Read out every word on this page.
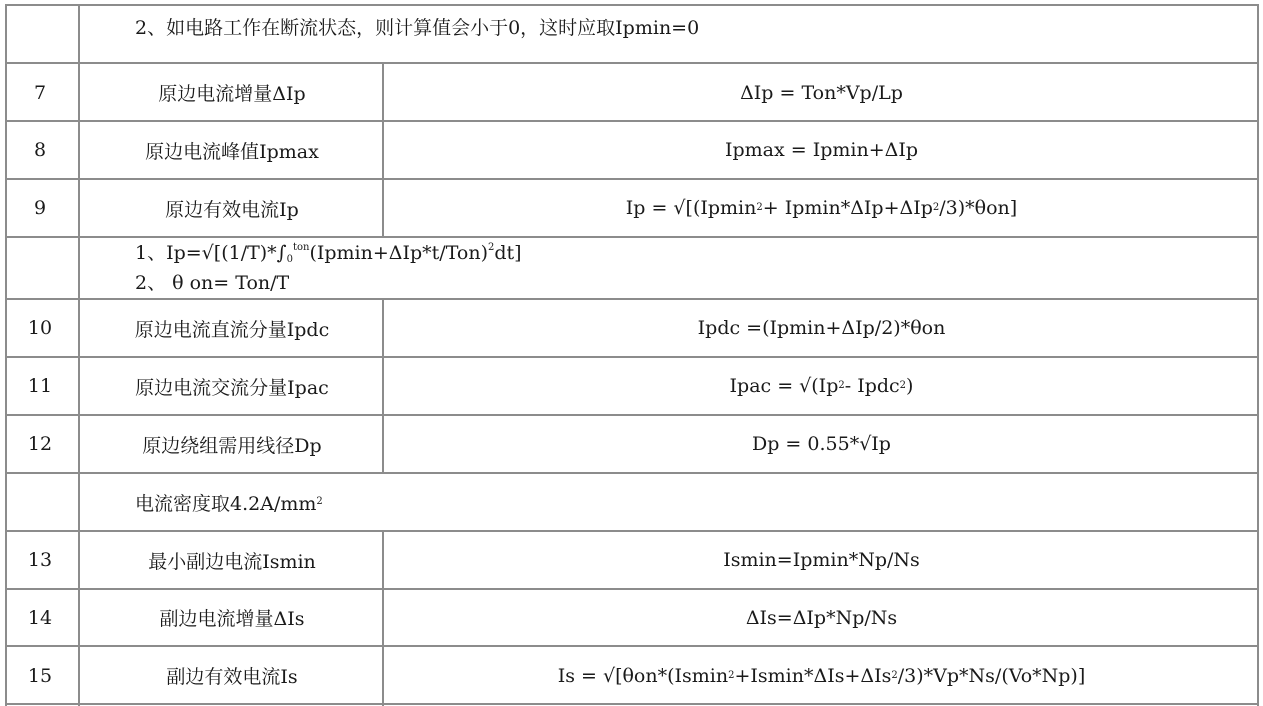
2、如电路工作在断流状态，则计算值会小于0，这时应取Ipmin=0
7	原边电流增量ΔIp	ΔIp = Ton*Vp/Lp
8	原边电流峰值Ipmax	Ipmax = Ipmin+ΔIp
9	原边有效电流Ip	Ip = √[(Ipmin 2 + Ipmin*ΔIp+ΔIp 2 /3)*θon]
1、$Ip=√[(1/T)*\int_0^{ton}(Ipmin+\Delta Ip*t/Ton)^2dt]$
2、 θ on= Ton/T
10	原边电流直流分量Ipdc	Ipdc =(Ipmin+ΔIp/2)*θon
11	原边电流交流分量Ipac	Ipac = √(Ip 2 - Ipdc 2 )
12	原边绕组需用线径Dp	Dp = 0.55*√Ip
电流密度取4.2A/mm 2
13	最小副边电流Ismin	Ismin=Ipmin*Np/Ns
14	副边电流增量ΔIs	ΔIs=ΔIp*Np/Ns
15	副边有效电流Is	Is = √[θon*(Ismin 2 +Ismin*ΔIs+ΔIs 2 /3)*Vp*Ns/(Vo*Np)]
